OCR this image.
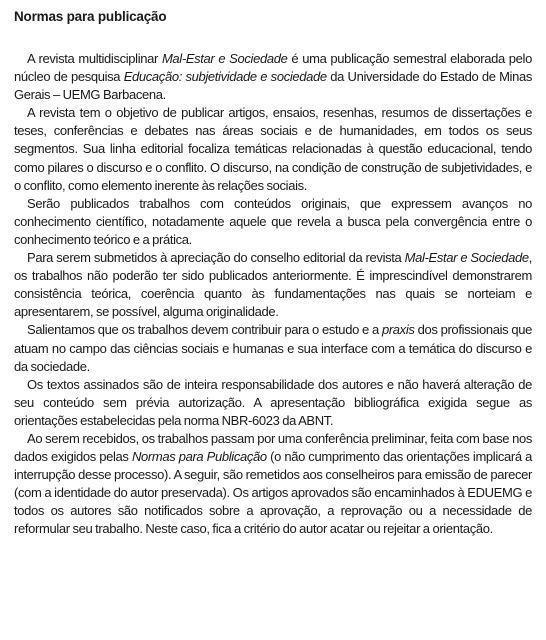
Normas para publicação

A revista multidisciplinar Mal-Estar e Sociedade é uma publicação semestral elaborada pelo núcleo de pesquisa Educação: subjetividade e sociedade da Universidade do Estado de Minas Gerais – UEMG Barbacena.

A revista tem o objetivo de publicar artigos, ensaios, resenhas, resumos de dissertações e teses, conferências e debates nas áreas sociais e de humanidades, em todos os seus segmentos. Sua linha editorial focaliza temáticas relacionadas à questão educacional, tendo como pilares o discurso e o conflito. O discurso, na condição de construção de subjetividades, e o conflito, como elemento inerente às relações sociais.

Serão publicados trabalhos com conteúdos originais, que expressem avanços no conhecimento científico, notadamente aquele que revela a busca pela convergência entre o conhecimento teórico e a prática.

Para serem submetidos à apreciação do conselho editorial da revista Mal-Estar e Sociedade, os trabalhos não poderão ter sido publicados anteriormente. É imprescindível demonstrarem consistência teórica, coerência quanto às fundamentações nas quais se norteiam e apresentarem, se possível, alguma originalidade.

Salientamos que os trabalhos devem contribuir para o estudo e a praxis dos profissionais que atuam no campo das ciências sociais e humanas e sua interface com a temática do discurso e da sociedade.

Os textos assinados são de inteira responsabilidade dos autores e não haverá alteração de seu conteúdo sem prévia autorização. A apresentação bibliográfica exigida segue as orientações estabelecidas pela norma NBR-6023 da ABNT.

Ao serem recebidos, os trabalhos passam por uma conferência preliminar, feita com base nos dados exigidos pelas Normas para Publicação (o não cumprimento das orientações implicará a interrupção desse processo). A seguir, são remetidos aos conselheiros para emissão de parecer (com a identidade do autor preservada). Os artigos aprovados são encaminhados à EDUEMG e todos os autores são notificados sobre a aprovação, a reprovação ou a necessidade de reformular seu trabalho. Neste caso, fica a critério do autor acatar ou rejeitar a orientação.
